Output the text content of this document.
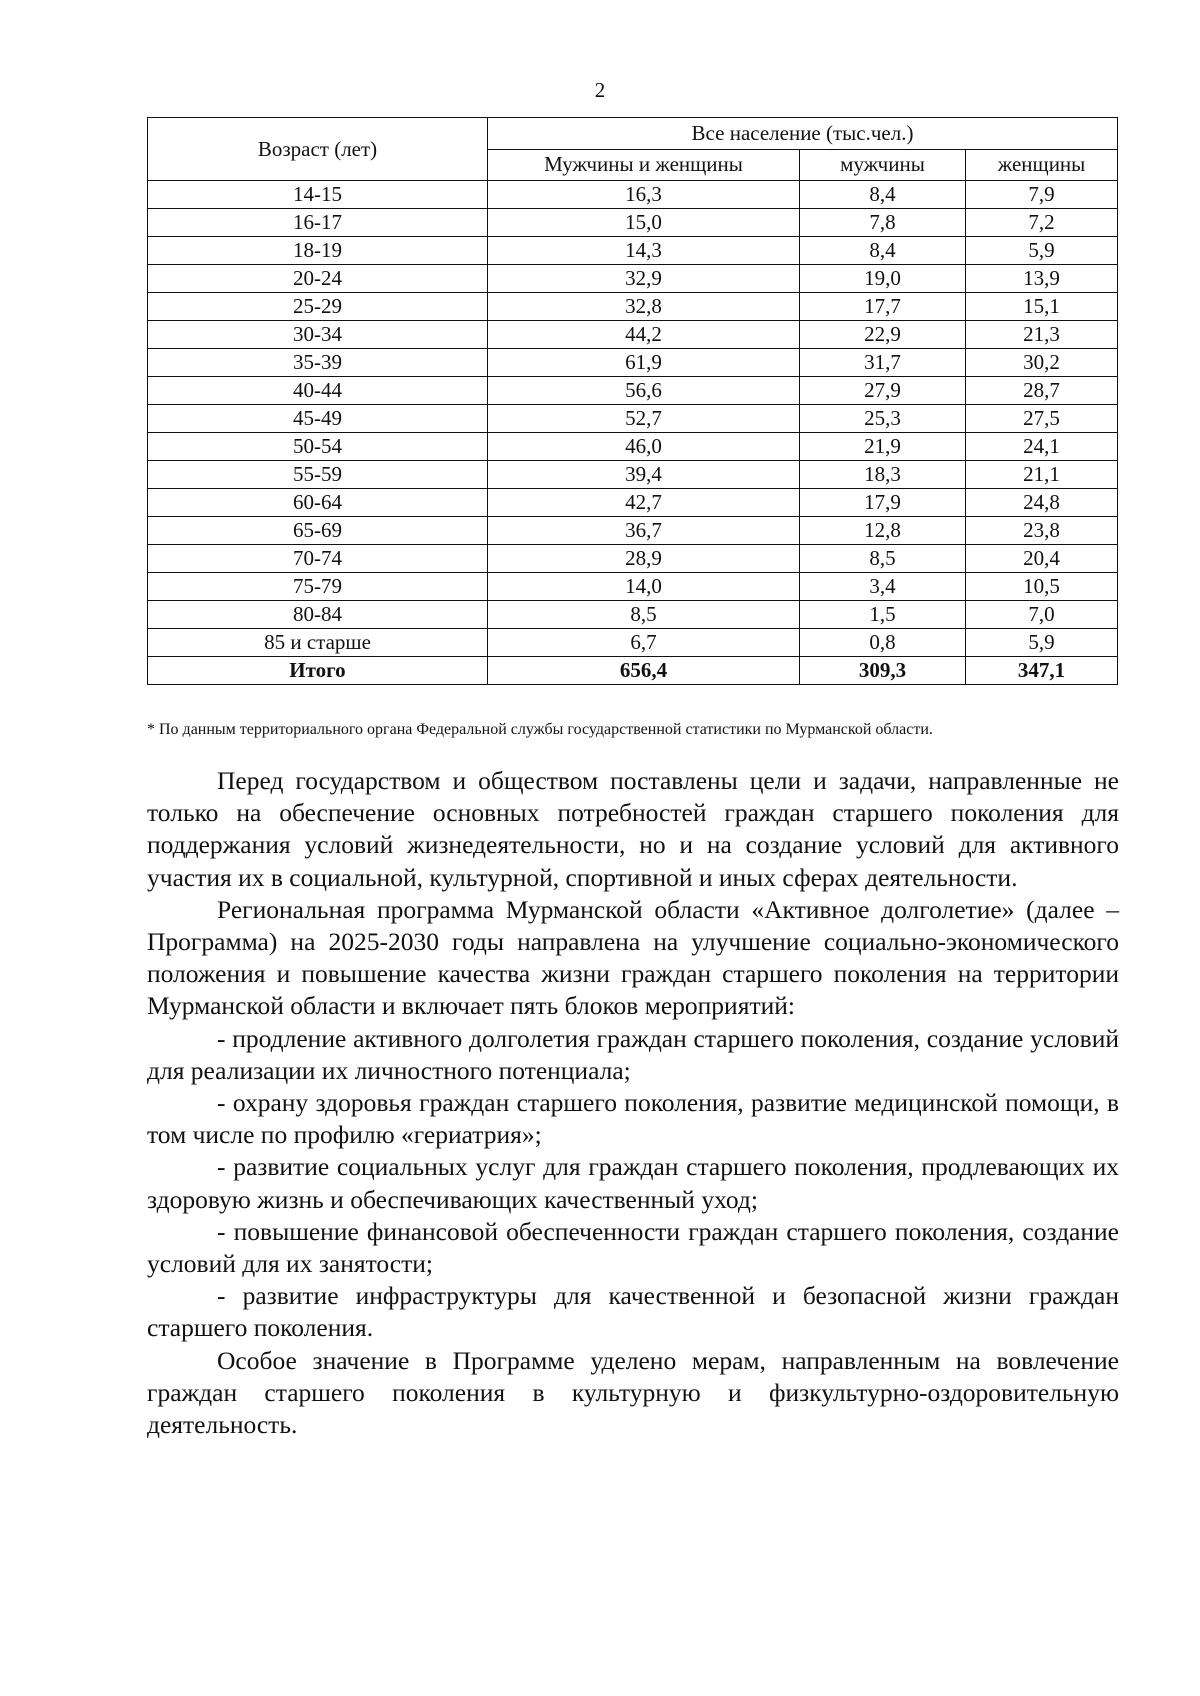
2
Возраст (лет)	Все население (тыс.чел.)		
	Мужчины и женщины	мужчины	женщины
14-15	16,3	8,4	7,9
16-17	15,0	7,8	7,2
18-19	14,3	8,4	5,9
20-24	32,9	19,0	13,9
25-29	32,8	17,7	15,1
30-34	44,2	22,9	21,3
35-39	61,9	31,7	30,2
40-44	56,6	27,9	28,7
45-49	52,7	25,3	27,5
50-54	46,0	21,9	24,1
55-59	39,4	18,3	21,1
60-64	42,7	17,9	24,8
65-69	36,7	12,8	23,8
70-74	28,9	8,5	20,4
75-79	14,0	3,4	10,5
80-84	8,5	1,5	7,0
85 и старше	6,7	0,8	5,9
Итого	656,4	309,3	347,1
* По данным территориального органа Федеральной службы государственной статистики по Мурманской области.

Перед государством и обществом поставлены цели и задачи, направленные не только на обеспечение основных потребностей граждан старшего поколения для поддержания условий жизнедеятельности, но и на создание условий для активного участия их в социальной, культурной, спортивной и иных сферах деятельности.

Региональная программа Мурманской области «Активное долголетие» (далее – Программа) на 2025-2030 годы направлена на улучшение социально-экономического положения и повышение качества жизни граждан старшего поколения на территории Мурманской области и включает пять блоков мероприятий:

- продление активного долголетия граждан старшего поколения, создание условий для реализации их личностного потенциала;

- охрану здоровья граждан старшего поколения, развитие медицинской помощи, в том числе по профилю «гериатрия»;

- развитие социальных услуг для граждан старшего поколения, продлевающих их здоровую жизнь и обеспечивающих качественный уход;

- повышение финансовой обеспеченности граждан старшего поколения, создание условий для их занятости;

- развитие инфраструктуры для качественной и безопасной жизни граждан старшего поколения.

Особое значение в Программе уделено мерам, направленным на вовлечение граждан старшего поколения в культурную и физкультурно-оздоровительную деятельность.
